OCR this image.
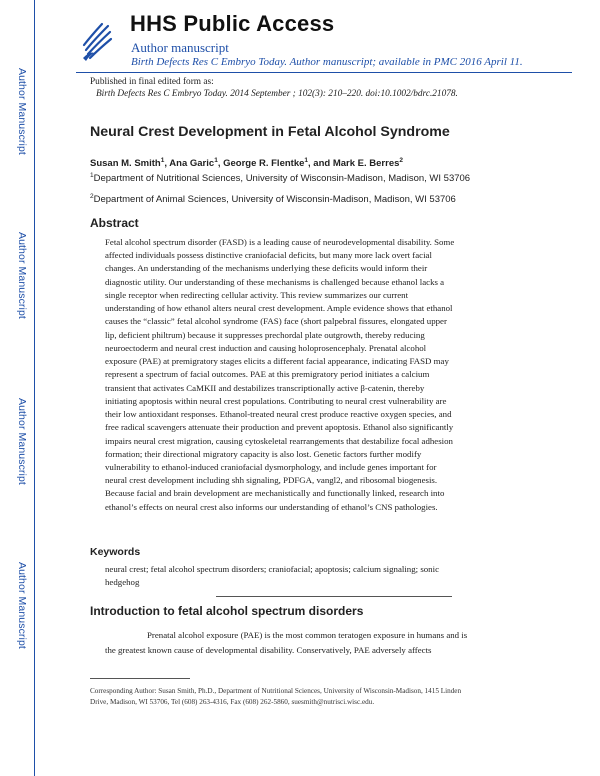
Author Manuscript
Author Manuscript
Author Manuscript
Author Manuscript
HHS Public Access
Author manuscript
Birth Defects Res C Embryo Today. Author manuscript; available in PMC 2016 April 11.
Published in final edited form as:
Birth Defects Res C Embryo Today. 2014 September ; 102(3): 210–220. doi:10.1002/bdrc.21078.
Neural Crest Development in Fetal Alcohol Syndrome
Susan M. Smith$^1$, Ana Garic$^1$, George R. Flentke$^1$, and Mark E. Berres$^2$
$^1$Department of Nutritional Sciences, University of Wisconsin-Madison, Madison, WI 53706
$^2$Department of Animal Sciences, University of Wisconsin-Madison, Madison, WI 53706
Abstract
Fetal alcohol spectrum disorder (FASD) is a leading cause of neurodevelopmental disability. Some
affected individuals possess distinctive craniofacial deficits, but many more lack overt facial
changes. An understanding of the mechanisms underlying these deficits would inform their
diagnostic utility. Our understanding of these mechanisms is challenged because ethanol lacks a
single receptor when redirecting cellular activity. This review summarizes our current
understanding of how ethanol alters neural crest development. Ample evidence shows that ethanol
causes the “classic” fetal alcohol syndrome (FAS) face (short palpebral fissures, elongated upper
lip, deficient philtrum) because it suppresses prechordal plate outgrowth, thereby reducing
neuroectoderm and neural crest induction and causing holoprosencephaly. Prenatal alcohol
exposure (PAE) at premigratory stages elicits a different facial appearance, indicating FASD may
represent a spectrum of facial outcomes. PAE at this premigratory period initiates a calcium
transient that activates CaMKII and destabilizes transcriptionally active β-catenin, thereby
initiating apoptosis within neural crest populations. Contributing to neural crest vulnerability are
their low antioxidant responses. Ethanol-treated neural crest produce reactive oxygen species, and
free radical scavengers attenuate their production and prevent apoptosis. Ethanol also significantly
impairs neural crest migration, causing cytoskeletal rearrangements that destabilize focal adhesion
formation; their directional migratory capacity is also lost. Genetic factors further modify
vulnerability to ethanol-induced craniofacial dysmorphology, and include genes important for
neural crest development including shh signaling, PDFGA, vangl2, and ribosomal biogenesis.
Because facial and brain development are mechanistically and functionally linked, research into
ethanol’s effects on neural crest also informs our understanding of ethanol’s CNS pathologies.
Keywords
neural crest; fetal alcohol spectrum disorders; craniofacial; apoptosis; calcium signaling; sonic
hedgehog
Introduction to fetal alcohol spectrum disorders
Prenatal alcohol exposure (PAE) is the most common teratogen exposure in humans and is
the greatest known cause of developmental disability. Conservatively, PAE adversely affects
Corresponding Author: Susan Smith, Ph.D., Department of Nutritional Sciences, University of Wisconsin-Madison, 1415 Linden
Drive, Madison, WI 53706, Tel (608) 263-4316, Fax (608) 262-5860, suesmith@nutrisci.wisc.edu.
